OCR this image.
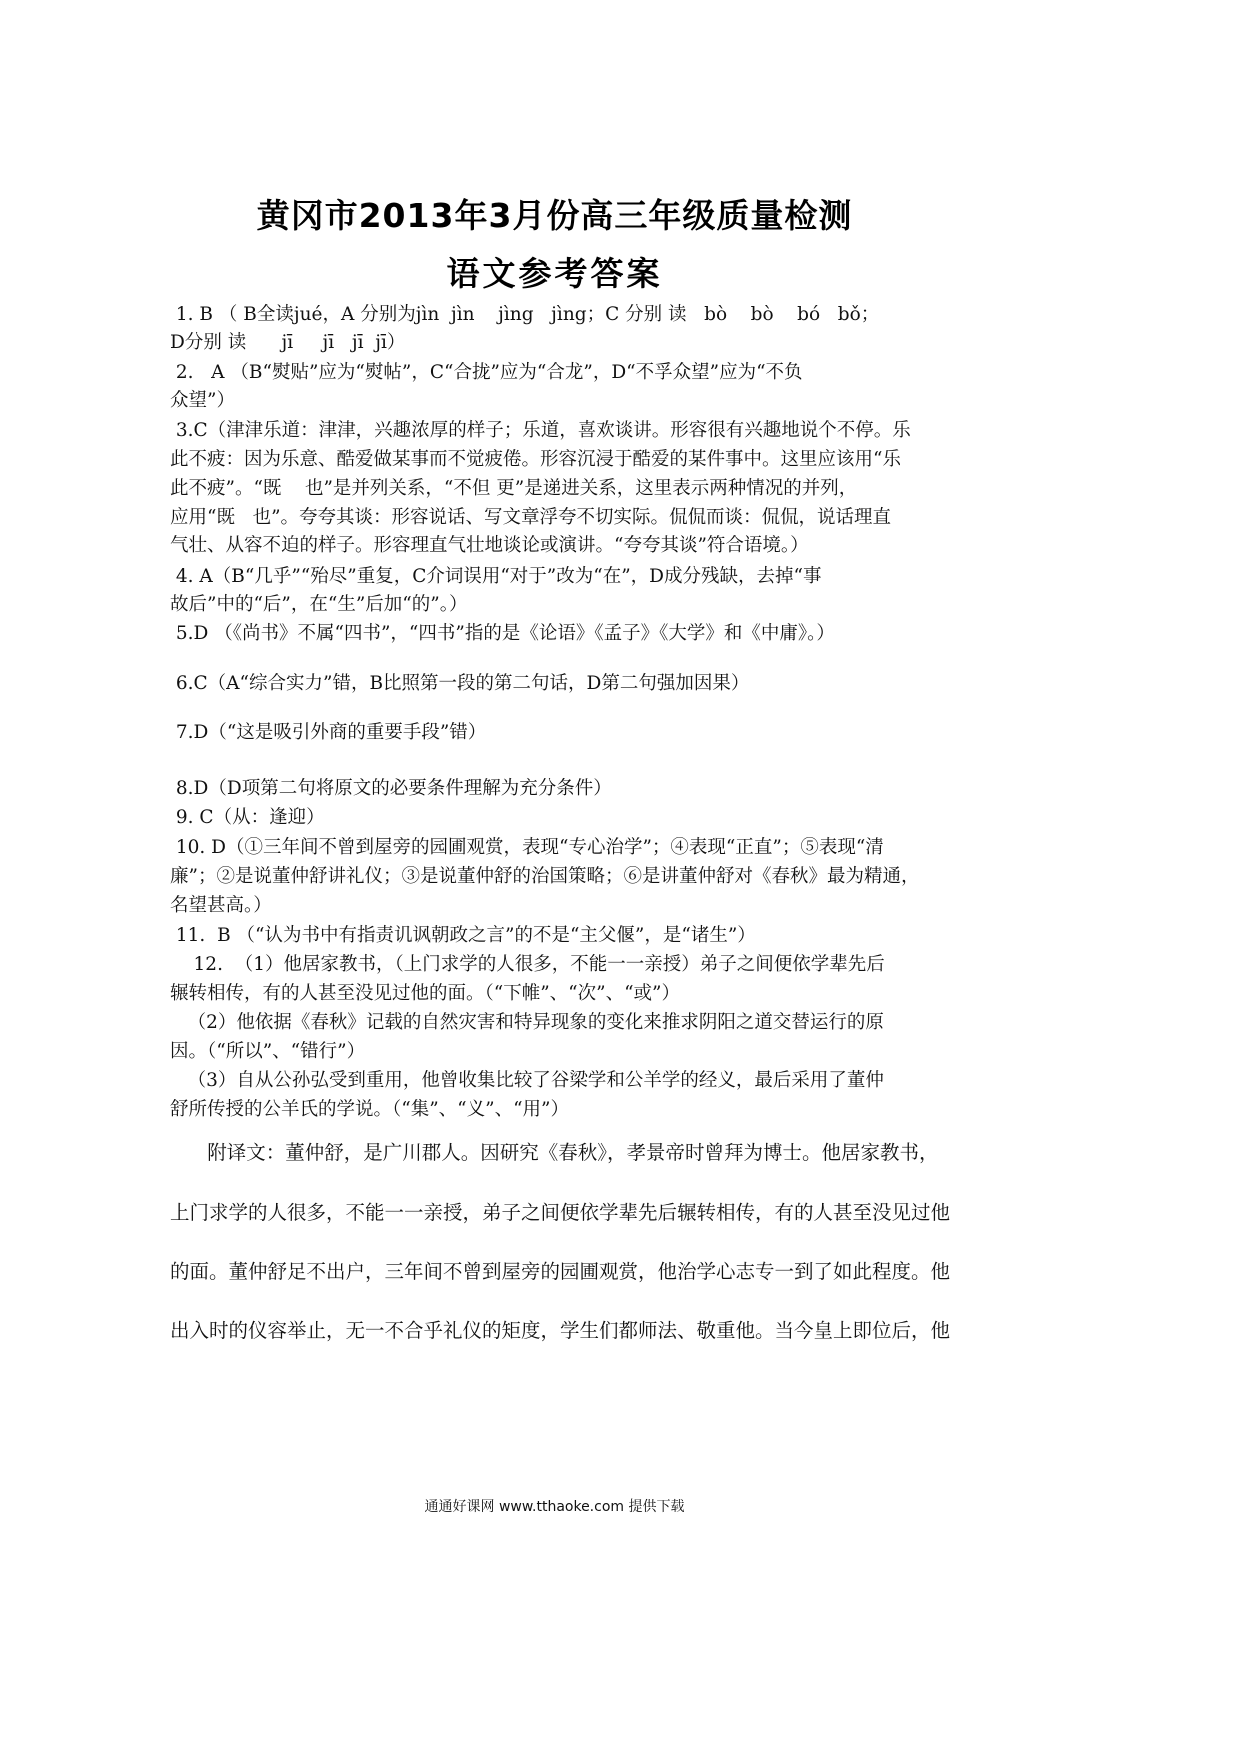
黄冈市2013年3月份高三年级质量检测
语文参考答案
1. B （ B全读jué，A 分别为jìn  jìn    jìng   jìng；C 分别 读   bò    bò    bó   bǒ；
D分别 读      jī     jī   jī  jī）
2.   A （B“熨贴”应为“熨帖”，C“合拢”应为“合龙”，D“不孚众望”应为“不负
众望”）
3.C（津津乐道：津津，兴趣浓厚的样子；乐道，喜欢谈讲。形容很有兴趣地说个不停。乐
此不疲：因为乐意、酷爱做某事而不觉疲倦。形容沉浸于酷爱的某件事中。这里应该用“乐
此不疲”。“既    也”是并列关系，“不但 更”是递进关系，这里表示两种情况的并列，
应用“既   也”。夸夸其谈：形容说话、写文章浮夸不切实际。侃侃而谈：侃侃，说话理直
气壮、从容不迫的样子。形容理直气壮地谈论或演讲。“夸夸其谈”符合语境。）
4. A（B“几乎”“殆尽”重复，C介词误用“对于”改为“在”，D成分残缺，去掉“事
故后”中的“后”，在“生”后加“的”。）
5.D （《尚书》不属“四书”，“四书”指的是《论语》《孟子》《大学》和《中庸》。）
6.C（A“综合实力”错，B比照第一段的第二句话，D第二句强加因果）
7.D（“这是吸引外商的重要手段”错）
8.D（D项第二句将原文的必要条件理解为充分条件）
9. C（从：逢迎）
10. D（①三年间不曾到屋旁的园圃观赏，表现“专心治学”；④表现“正直”；⑤表现“清
廉”；②是说董仲舒讲礼仪；③是说董仲舒的治国策略；⑥是讲董仲舒对《春秋》最为精通，
名望甚高。）
11.  B （“认为书中有指责讥讽朝政之言”的不是“主父偃”，是“诸生”）
12.  （1）他居家教书，（上门求学的人很多，不能一一亲授）弟子之间便依学辈先后
辗转相传，有的人甚至没见过他的面。（“下帷”、“次”、“或”）
（2）他依据《春秋》记载的自然灾害和特异现象的变化来推求阴阳之道交替运行的原
因。（“所以”、“错行”）
（3）自从公孙弘受到重用，他曾收集比较了谷梁学和公羊学的经义，最后采用了董仲
舒所传授的公羊氏的学说。（“集”、“义”、“用”）
附译文：董仲舒，是广川郡人。因研究《春秋》，孝景帝时曾拜为博士。他居家教书，
上门求学的人很多，不能一一亲授，弟子之间便依学辈先后辗转相传，有的人甚至没见过他
的面。董仲舒足不出户，三年间不曾到屋旁的园圃观赏，他治学心志专一到了如此程度。他
出入时的仪容举止，无一不合乎礼仪的矩度，学生们都师法、敬重他。当今皇上即位后，他
通通好课网 www.tthaoke.com 提供下载
